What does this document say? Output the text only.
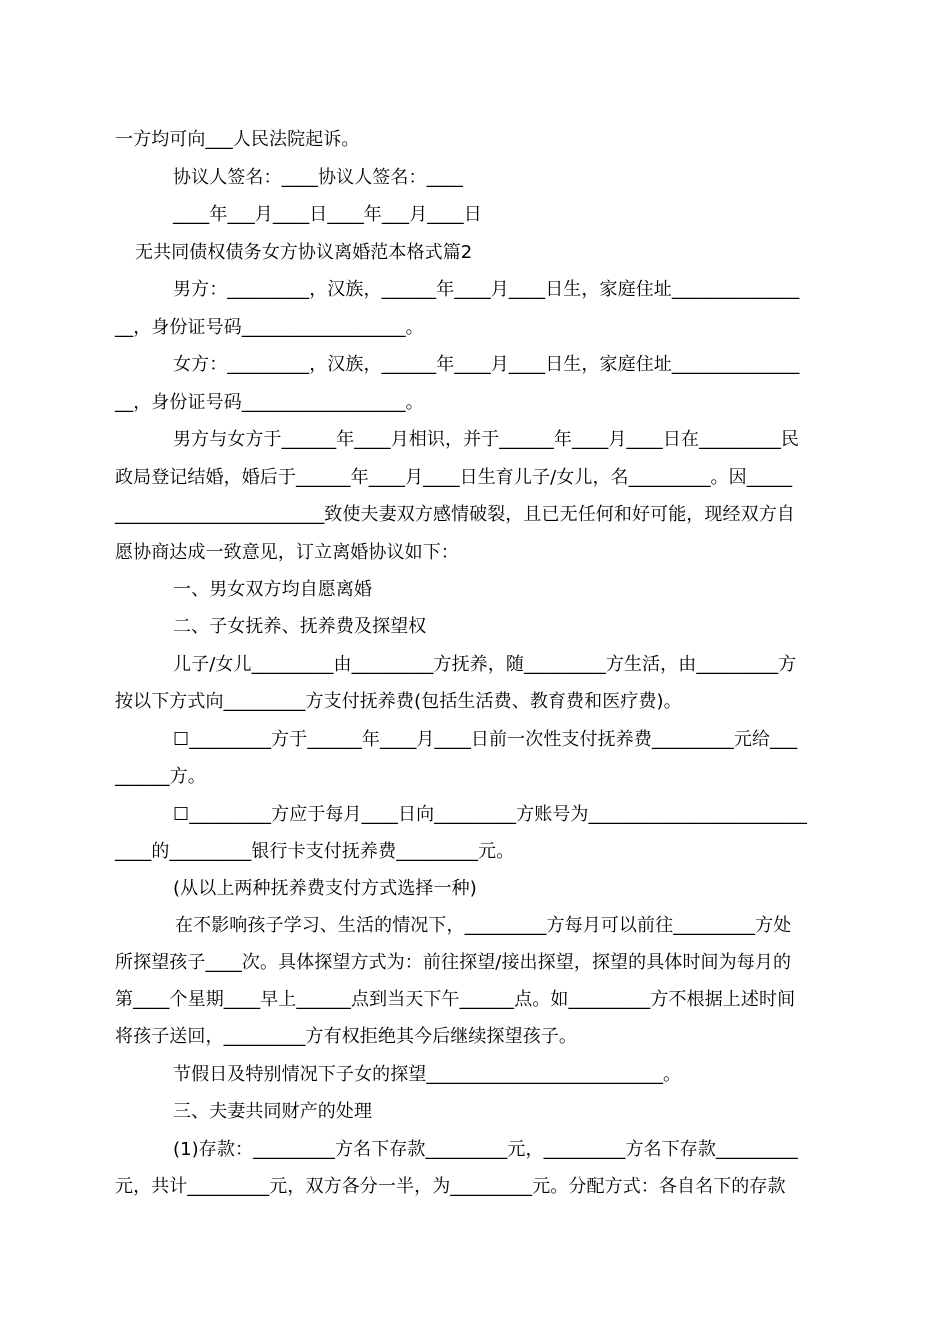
一方均可向___人民法院起诉。

协议人签名：____协议人签名：____

____年___月____日____年___月____日

无共同债权债务女方协议离婚范本格式篇2

男方：_________，汉族，______年____月____日生，家庭住址______________

__，身份证号码__________________。

女方：_________，汉族，______年____月____日生，家庭住址______________

__，身份证号码__________________。

男方与女方于______年____月相识，并于______年____月____日在_________民

政局登记结婚，婚后于______年____月____日生育儿子/女儿，名_________。因_____

_______________________致使夫妻双方感情破裂，且已无任何和好可能，现经双方自

愿协商达成一致意见，订立离婚协议如下：

一、男女双方均自愿离婚

二、子女抚养、抚养费及探望权

儿子/女儿_________由_________方抚养，随_________方生活，由_________方

按以下方式向_________方支付抚养费(包括生活费、教育费和医疗费)。

☐_________方于______年____月____日前一次性支付抚养费_________元给___

______方。

☐_________方应于每月____日向_________方账号为________________________

____的_________银行卡支付抚养费_________元。

(从以上两种抚养费支付方式选择一种)

在不影响孩子学习、生活的情况下，_________方每月可以前往_________方处

所探望孩子____次。具体探望方式为：前往探望/接出探望，探望的具体时间为每月的

第____个星期____早上______点到当天下午______点。如_________方不根据上述时间

将孩子送回，_________方有权拒绝其今后继续探望孩子。

节假日及特别情况下子女的探望__________________________。

三、夫妻共同财产的处理

(1)存款：_________方名下存款_________元，_________方名下存款_________

元，共计_________元，双方各分一半，为_________元。分配方式：各自名下的存款
